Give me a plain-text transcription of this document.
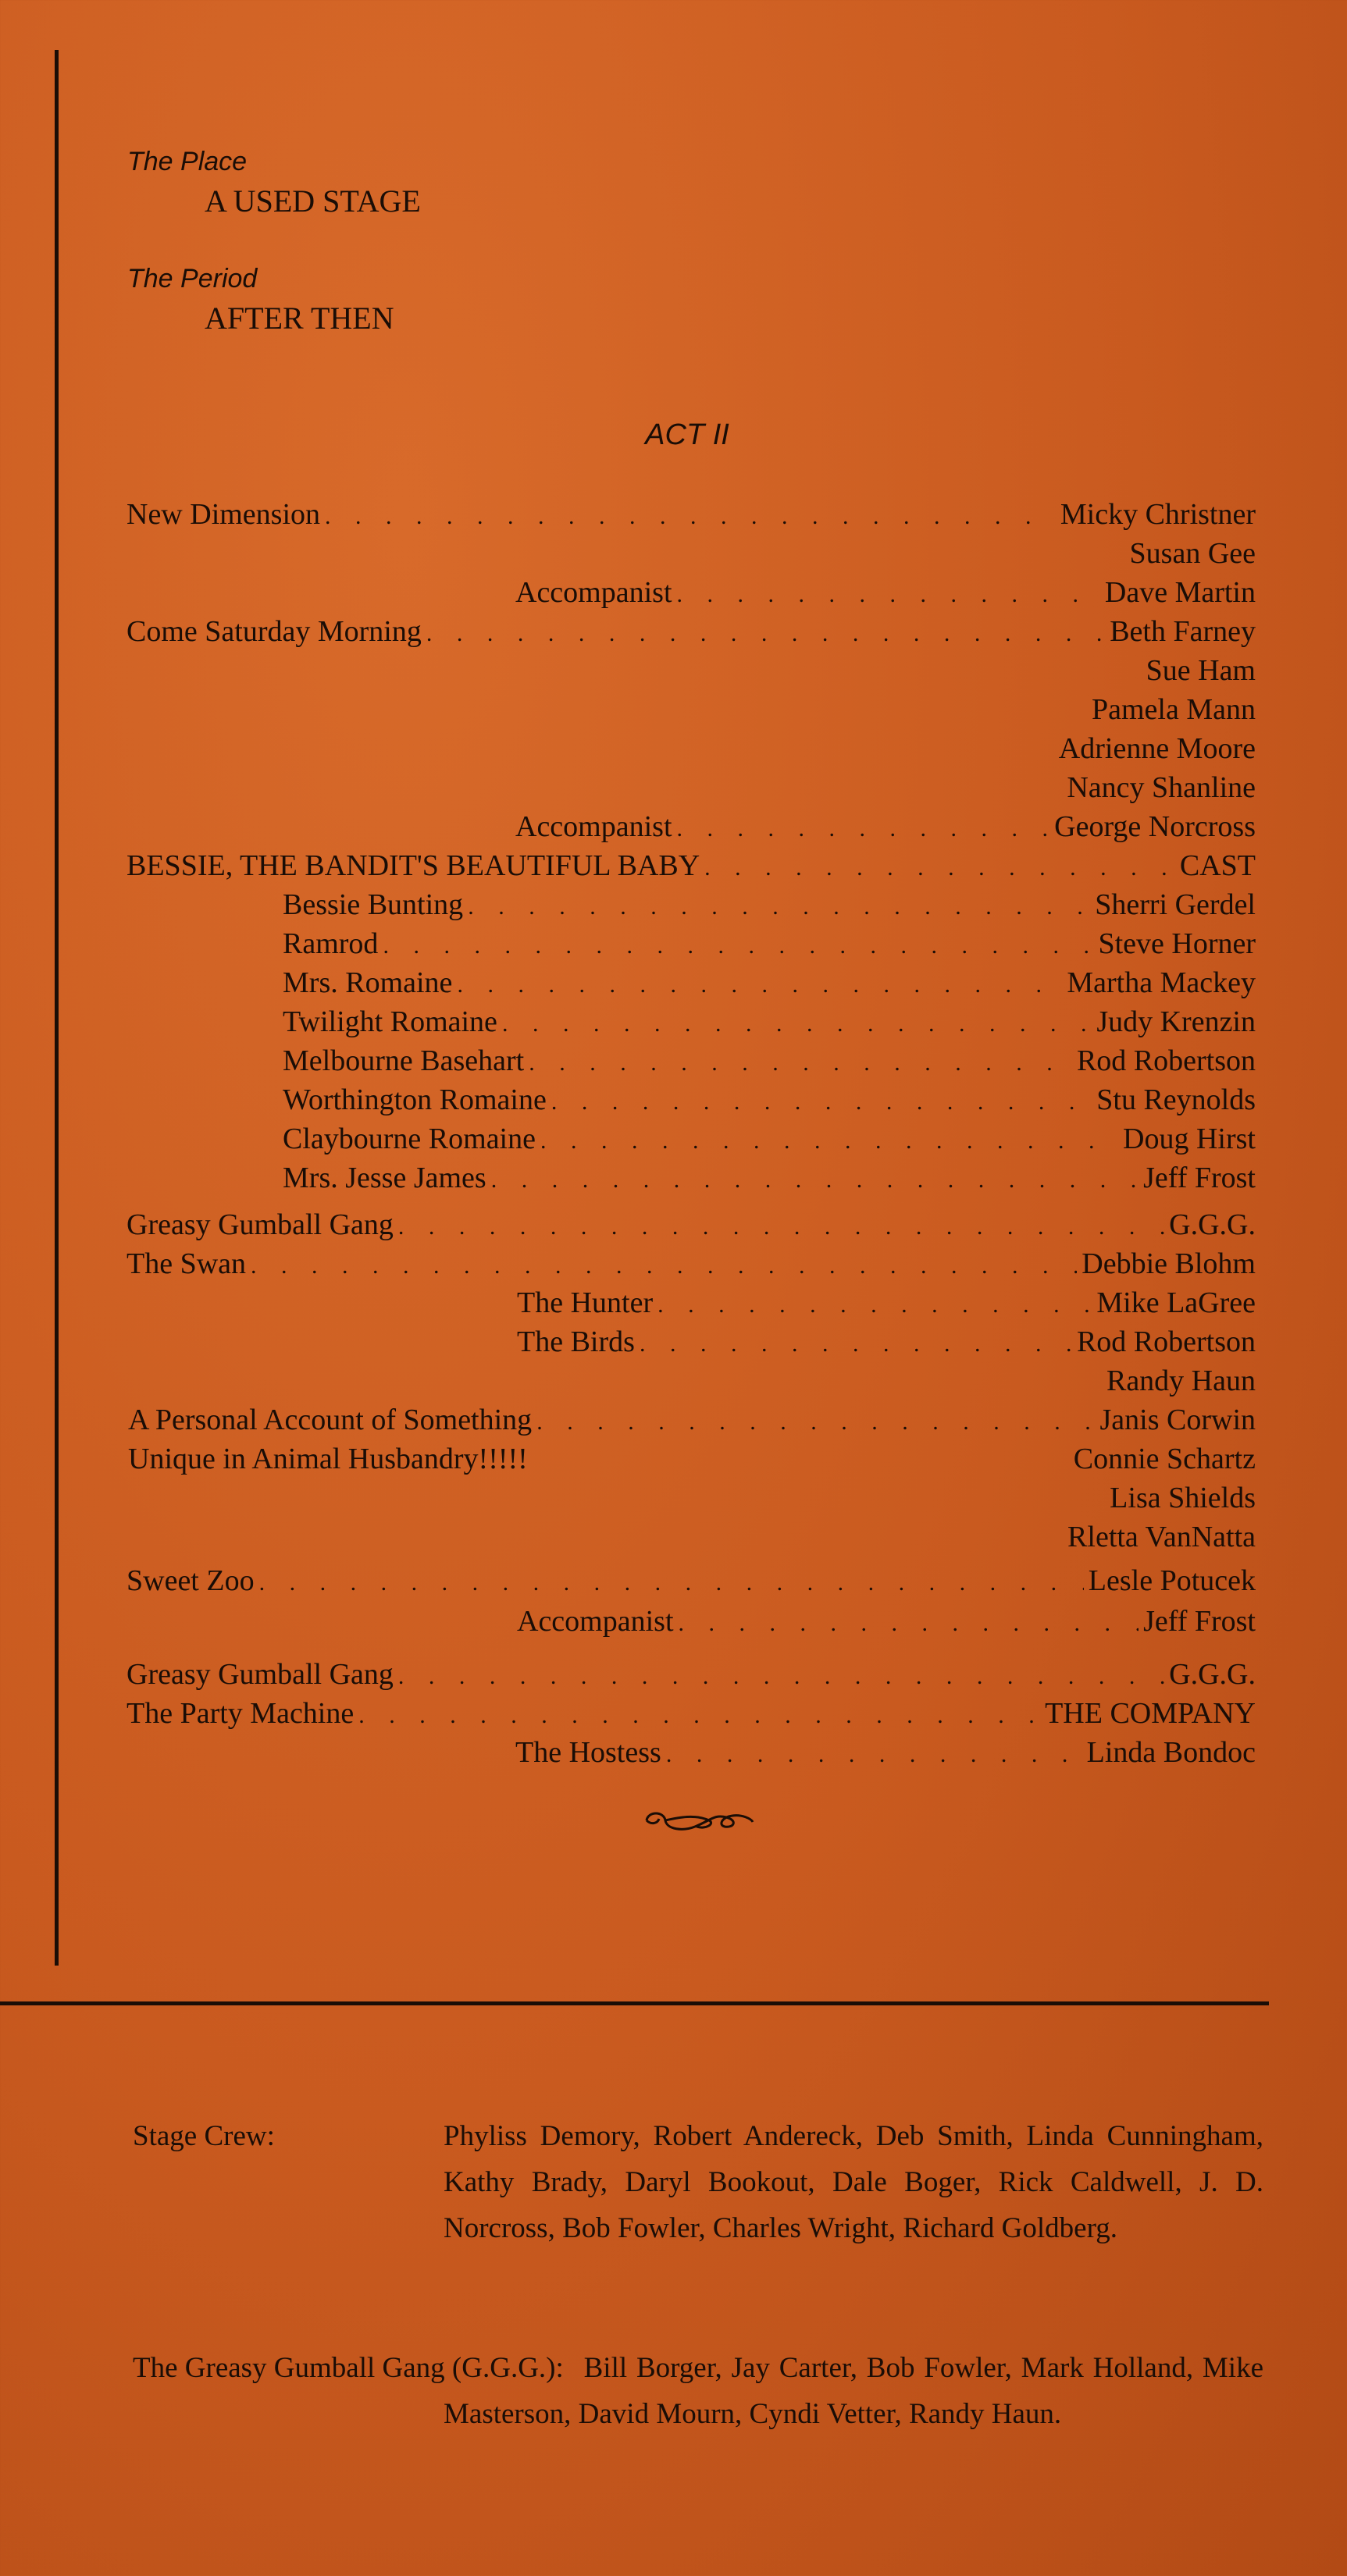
The Place
A USED STAGE
The Period
AFTER THEN
ACT II
New Dimension . . .	Micky Christner
Susan Gee
Accompanist . . .	Dave Martin
Come Saturday Morning . . .	Beth Farney
Sue Ham
Pamela Mann
Adrienne Moore
Nancy Shanline
Accompanist . . .	George Norcross
BESSIE, THE BANDIT'S BEAUTIFUL BABY . . .	CAST
Bessie Bunting . . .	Sherri Gerdel
Ramrod . . .	Steve Horner
Mrs. Romaine . . .	Martha Mackey
Twilight Romaine . . .	Judy Krenzin
Melbourne Basehart . . .	Rod Robertson
Worthington Romaine . . .	Stu Reynolds
Claybourne Romaine . . .	Doug Hirst
Mrs. Jesse James . . .	Jeff Frost
Greasy Gumball Gang . . .	G.G.G.
The Swan . . .	Debbie Blohm
The Hunter . . .	Mike LaGree
The Birds . . .	Rod Robertson
Randy Haun
A Personal Account of Something . . .	Janis Corwin
Unique in Animal Husbandry!!!!!	Connie Schartz
Lisa Shields
Rletta VanNatta
Sweet Zoo . . .	Lesle Potucek
Accompanist . . .	Jeff Frost
Greasy Gumball Gang . . .	G.G.G.
The Party Machine . . .	THE COMPANY
The Hostess . . .	Linda Bondoc
Stage Crew:	Phyliss Demory, Robert Andereck, Deb Smith, Linda Cunningham, Kathy Brady, Daryl Bookout, Dale Boger, Rick Caldwell, J. D. Norcross, Bob Fowler, Charles Wright, Richard Goldberg.
The Greasy Gumball Gang (G.G.G.): Bill Borger, Jay Carter, Bob Fowler, Mark Holland, Mike Masterson, David Mourn, Cyndi Vetter, Randy Haun.
